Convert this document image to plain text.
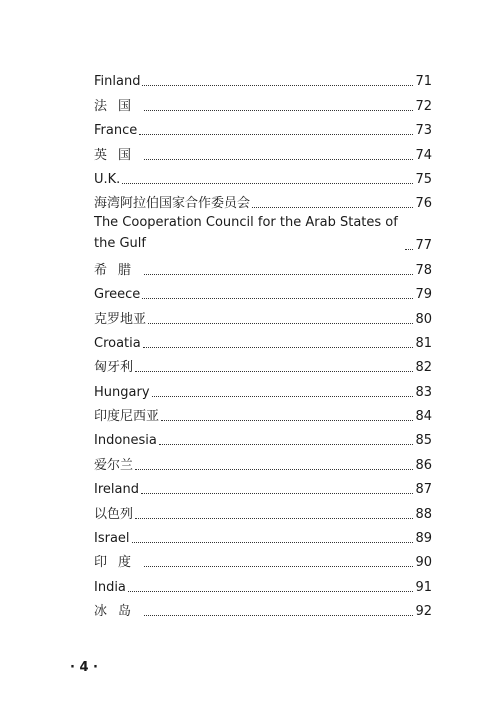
Finland	71
法国	72
France	73
英国	74
U.K.	75
海湾阿拉伯国家合作委员会	76
The Cooperation Council for the Arab States of the Gulf	77
希腊	78
Greece	79
克罗地亚	80
Croatia	81
匈牙利	82
Hungary	83
印度尼西亚	84
Indonesia	85
爱尔兰	86
Ireland	87
以色列	88
Israel	89
印度	90
India	91
冰岛	92
· 4 ·
